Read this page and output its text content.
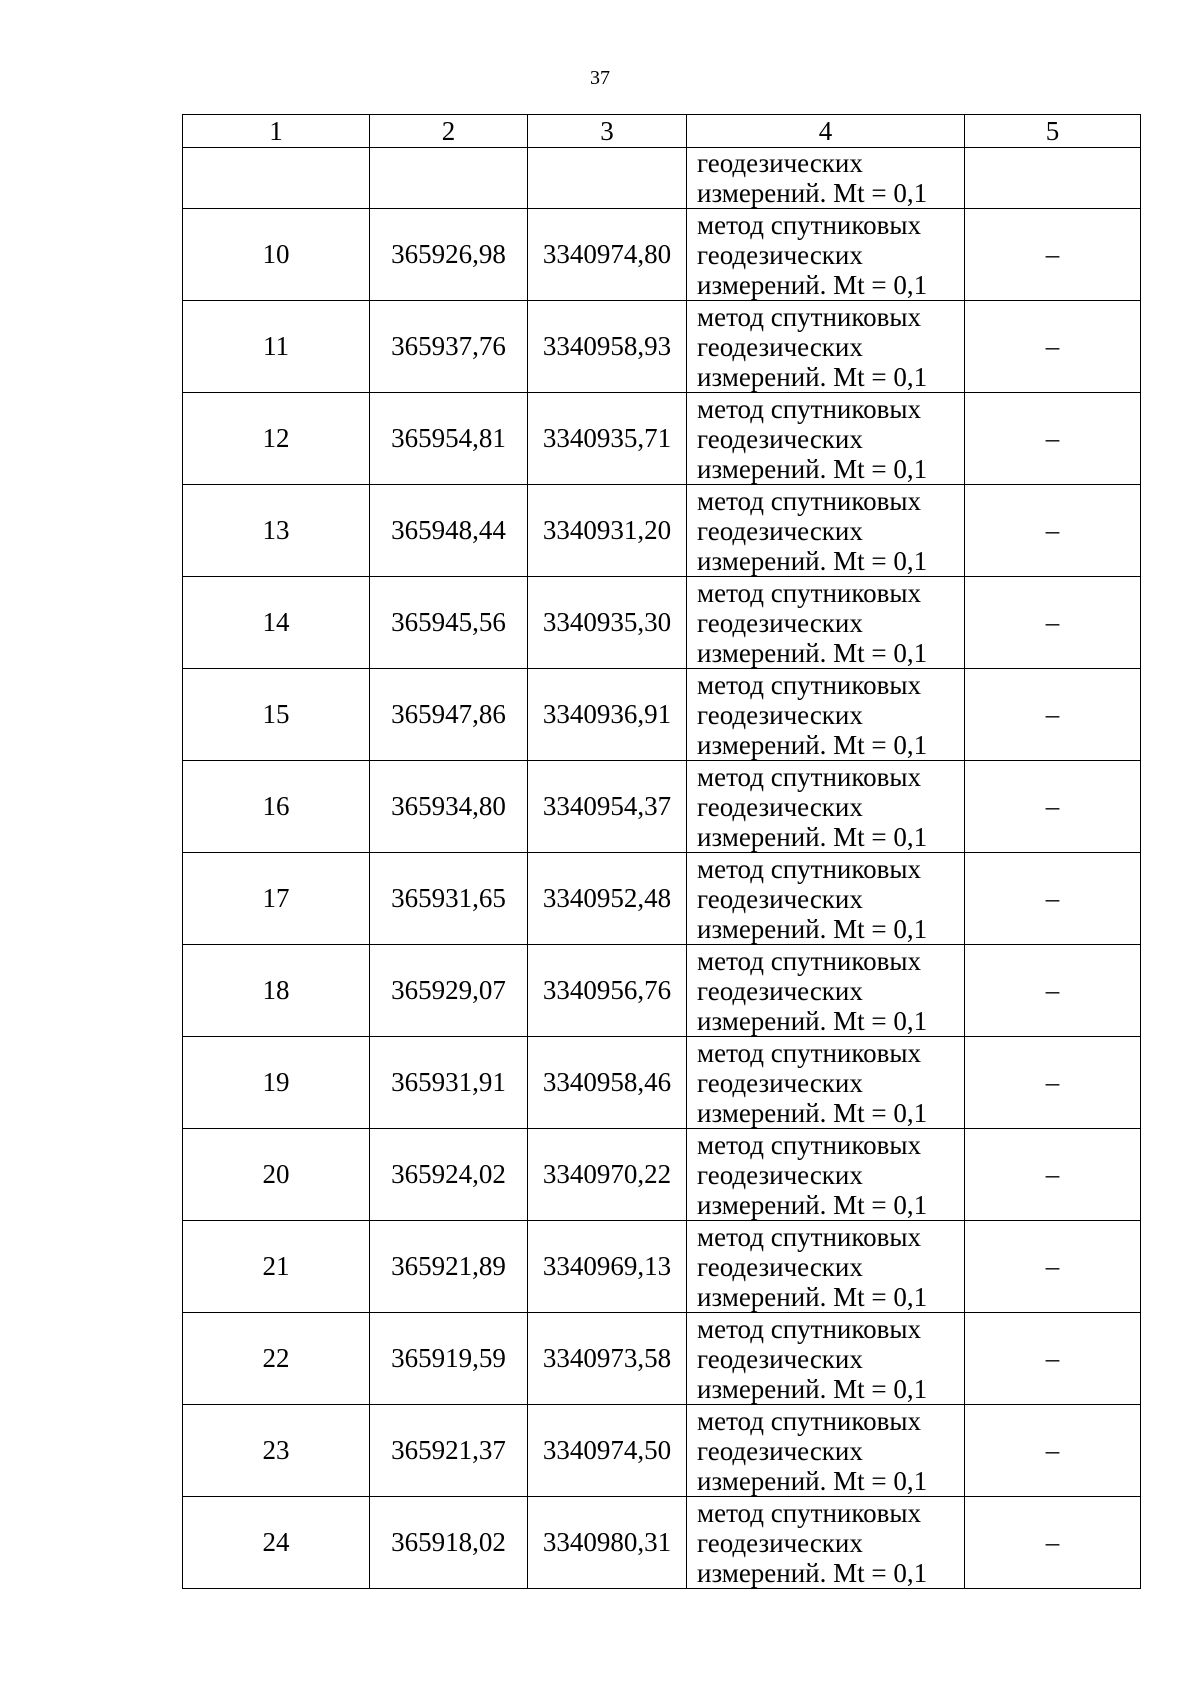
37
1	2	3	4	5

			геодезических
измерений. Mt = 0,1	

10	365926,98	3340974,80	метод спутниковых
геодезических
измерений. Mt = 0,1	–
11	365937,76	3340958,93	метод спутниковых
геодезических
измерений. Mt = 0,1	–
12	365954,81	3340935,71	метод спутниковых
геодезических
измерений. Mt = 0,1	–
13	365948,44	3340931,20	метод спутниковых
геодезических
измерений. Mt = 0,1	–
14	365945,56	3340935,30	метод спутниковых
геодезических
измерений. Mt = 0,1	–
15	365947,86	3340936,91	метод спутниковых
геодезических
измерений. Mt = 0,1	–
16	365934,80	3340954,37	метод спутниковых
геодезических
измерений. Mt = 0,1	–
17	365931,65	3340952,48	метод спутниковых
геодезических
измерений. Mt = 0,1	–
18	365929,07	3340956,76	метод спутниковых
геодезических
измерений. Mt = 0,1	–
19	365931,91	3340958,46	метод спутниковых
геодезических
измерений. Mt = 0,1	–
20	365924,02	3340970,22	метод спутниковых
геодезических
измерений. Mt = 0,1	–
21	365921,89	3340969,13	метод спутниковых
геодезических
измерений. Mt = 0,1	–
22	365919,59	3340973,58	метод спутниковых
геодезических
измерений. Mt = 0,1	–
23	365921,37	3340974,50	метод спутниковых
геодезических
измерений. Mt = 0,1	–
24	365918,02	3340980,31	метод спутниковых
геодезических
измерений. Mt = 0,1	–
